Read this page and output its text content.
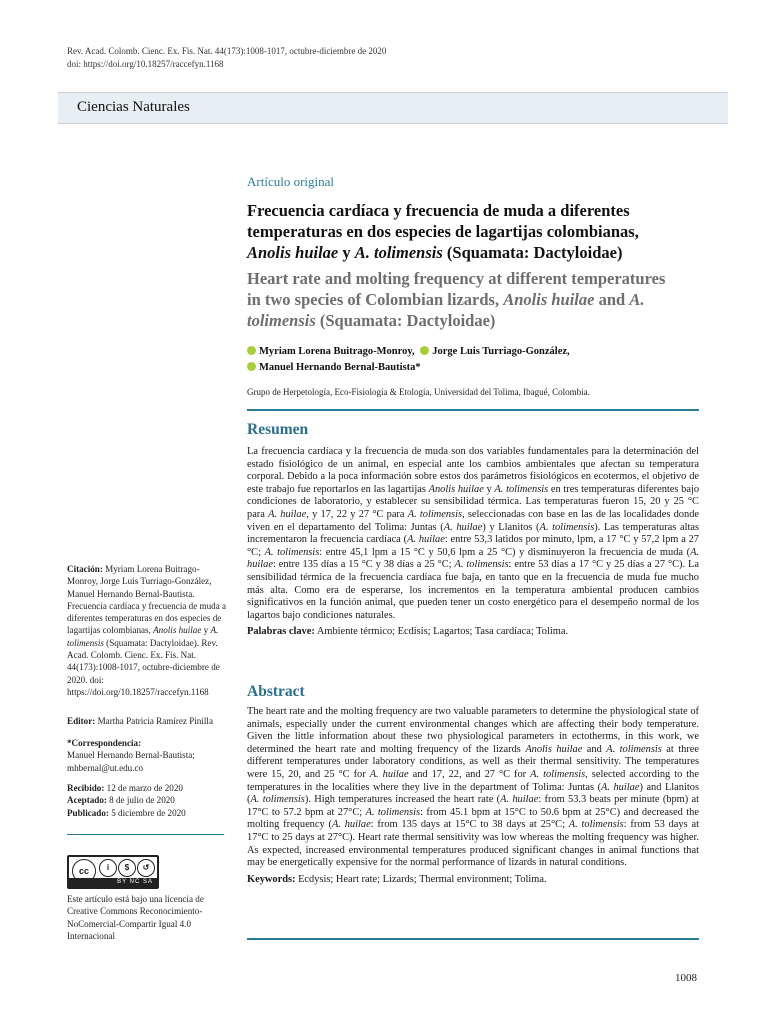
Rev. Acad. Colomb. Cienc. Ex. Fis. Nat. 44(173):1008-1017, octubre-diciembre de 2020
doi: https://doi.org/10.18257/raccefyn.1168
Ciencias Naturales
Artículo original
Frecuencia cardíaca y frecuencia de muda a diferentes
temperaturas en dos especies de lagartijas colombianas,
Anolis huilae y A. tolimensis (Squamata: Dactyloidae)
Heart rate and molting frequency at different temperatures
in two species of Colombian lizards, Anolis huilae and A. tolimensis (Squamata: Dactyloidae)
Myriam Lorena Buitrago-Monroy, Jorge Luis Turriago-González,
Manuel Hernando Bernal-Bautista*
Grupo de Herpetología, Eco-Fisiología & Etología, Universidad del Tolima, Ibagué, Colombia.
Resumen

La frecuencia cardíaca y la frecuencia de muda son dos variables fundamentales para la determinación del estado fisiológico de un animal, en especial ante los cambios ambientales que afectan su temperatura corporal. Debido a la poca información sobre estos dos parámetros fisiológicos en ecotermos, el objetivo de este trabajo fue reportarlos en las lagartijas Anolis huilae y A. tolimensis en tres temperaturas diferentes bajo condiciones de laboratorio, y establecer su sensibilidad térmica. Las temperaturas fueron 15, 20 y 25 °C para A. huilae, y 17, 22 y 27 °C para A. tolimensis, seleccionadas con base en las de las localidades donde viven en el departamento del Tolima: Juntas (A. huilae) y Llanitos (A. tolimensis). Las temperaturas altas incrementaron la frecuencia cardíaca (A. huilae: entre 53,3 latidos por minuto, lpm, a 17 °C y 57,2 lpm a 27 °C; A. tolimensis: entre 45,1 lpm a 15 °C y 50,6 lpm a 25 °C) y disminuyeron la frecuencia de muda (A. huilae: entre 135 días a 15 °C y 38 días a 25 °C; A. tolimensis: entre 53 días a 17 °C y 25 días a 27 °C). La sensibilidad térmica de la frecuencia cardíaca fue baja, en tanto que en la frecuencia de muda fue mucho más alta. Como era de esperarse, los incrementos en la temperatura ambiental producen cambios significativos en la función animal, que pueden tener un costo energético para el desempeño normal de los lagartos bajo condiciones naturales.

Palabras clave: Ambiente térmico; Ecdisis; Lagartos; Tasa cardíaca; Tolima.

Abstract

The heart rate and the molting frequency are two valuable parameters to determine the physiological state of animals, especially under the current environmental changes which are affecting their body temperature. Given the little information about these two physiological parameters in ectotherms, in this work, we determined the heart rate and molting frequency of the lizards Anolis huilae and A. tolimensis at three different temperatures under laboratory conditions, as well as their thermal sensitivity. The temperatures were 15, 20, and 25 °C for A. huilae and 17, 22, and 27 °C for A. tolimensis, selected according to the temperatures in the localities where they live in the department of Tolima: Juntas (A. huilae) and Llanitos (A. tolimensis). High temperatures increased the heart rate (A. huilae: from 53.3 beats per minute (bpm) at 17°C to 57.2 bpm at 27°C; A. tolimensis: from 45.1 bpm at 15°C to 50.6 bpm at 25°C) and decreased the molting frequency (A. huilae: from 135 days at 15°C to 38 days at 25°C; A. tolimensis: from 53 days at 17°C to 25 days at 27°C). Heart rate thermal sensitivity was low whereas the molting frequency was higher. As expected, increased environmental temperatures produced significant changes in animal functions that may be energetically expensive for the normal performance of lizards in natural conditions.

Keywords: Ecdysis; Heart rate; Lizards; Thermal environment; Tolima.

Citación: Myriam Lorena Buitrago-Monroy, Jorge Luis Turriago-González, Manuel Hernando Bernal-Bautista. Frecuencia cardíaca y frecuencia de muda a diferentes temperaturas en dos especies de lagartijas colombianas, Anolis huilae y A. tolimensis (Squamata: Dactyloidae). Rev. Acad. Colomb. Cienc. Ex. Fis. Nat. 44(173):1008-1017, octubre-diciembre de 2020. doi: https://doi.org/10.18257/raccefyn.1168
Editor: Martha Patricia Ramírez Pinilla
*Correspondencia:
Manuel Hernando Bernal-Bautista;
mhbernal@ut.edu.co
Recibido: 12 de marzo de 2020
Aceptado: 8 de julio de 2020
Publicado: 5 diciembre de 2020
cc	i	$	↺
BY NC SA
Este artículo está bajo una licencia de Creative Commons Reconocimiento-NoComercial-Compartir Igual 4.0 Internacional
1008
